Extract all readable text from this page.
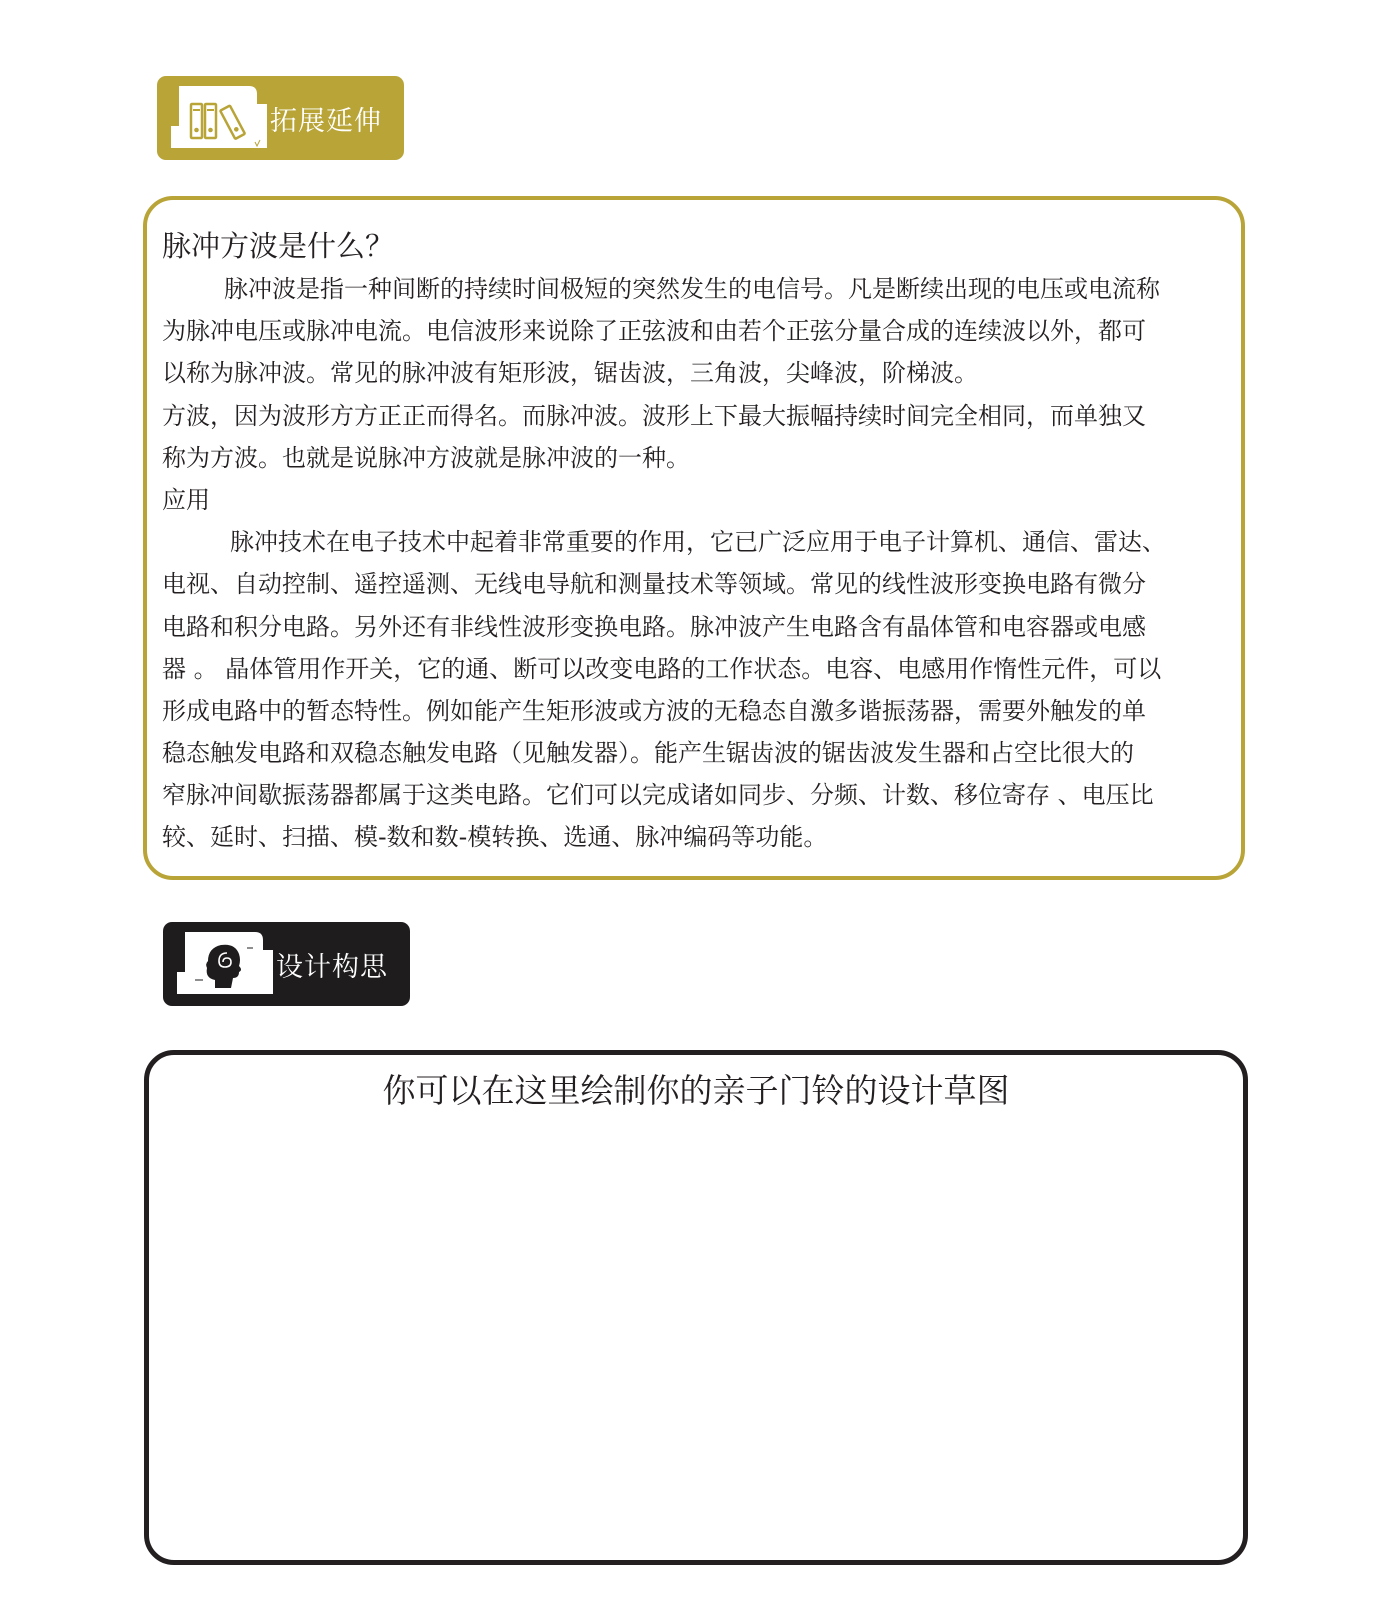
拓展延伸
脉冲方波是什么？
脉冲波是指一种间断的持续时间极短的突然发生的电信号。凡是断续出现的电压或电流称
为脉冲电压或脉冲电流。电信波形来说除了正弦波和由若个正弦分量合成的连续波以外，都可
以称为脉冲波。常见的脉冲波有矩形波，锯齿波，三角波，尖峰波，阶梯波。
方波，因为波形方方正正而得名。而脉冲波。波形上下最大振幅持续时间完全相同，而单独又
称为方波。也就是说脉冲方波就是脉冲波的一种。
应用
脉冲技术在电子技术中起着非常重要的作用，它已广泛应用于电子计算机、通信、雷达、
电视、自动控制、遥控遥测、无线电导航和测量技术等领域。常见的线性波形变换电路有微分
电路和积分电路。另外还有非线性波形变换电路。脉冲波产生电路含有晶体管和电容器或电感
器 。 晶体管用作开关，它的通、断可以改变电路的工作状态。电容、电感用作惰性元件，可以
形成电路中的暂态特性。例如能产生矩形波或方波的无稳态自激多谐振荡器，需要外触发的单
稳态触发电路和双稳态触发电路（见触发器）。能产生锯齿波的锯齿波发生器和占空比很大的
窄脉冲间歇振荡器都属于这类电路。它们可以完成诸如同步、分频、计数、移位寄存 、电压比
较、延时、扫描、模-数和数-模转换、选通、脉冲编码等功能。
设计构思
你可以在这里绘制你的亲子门铃的设计草图
